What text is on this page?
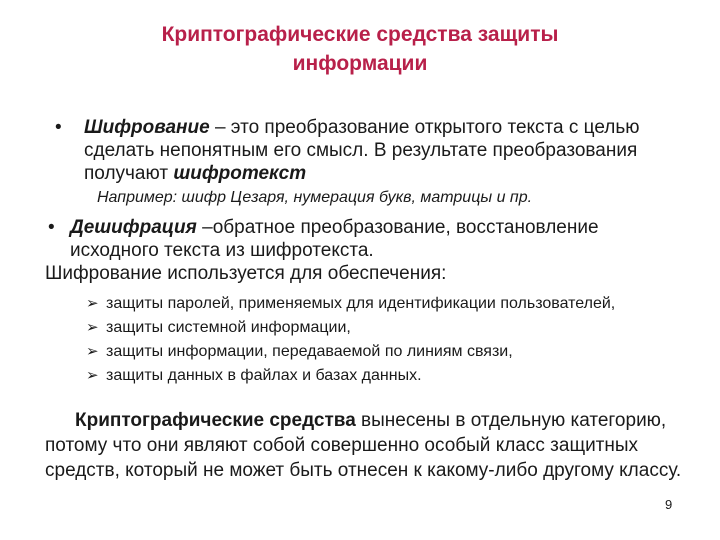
Криптографические средства защиты
информации
• Шифрование – это преобразование открытого текста с целью сделать непонятным его смысл. В результате преобразования получают шифротекст
Например: шифр Цезаря, нумерация букв, матрицы и пр.
• Дешифрация –обратное преобразование, восстановление исходного текста из шифротекста.
Шифрование используется для обеспечения:
➢ защиты паролей, применяемых для идентификации пользователей,
➢ защиты системной информации,
➢ защиты информации, передаваемой по линиям связи,
➢ защиты данных в файлах и базах данных.
Криптографические средства вынесены в отдельную категорию, потому что они являют собой совершенно особый класс защитных средств, который не может быть отнесен к какому-либо другому классу.
9
